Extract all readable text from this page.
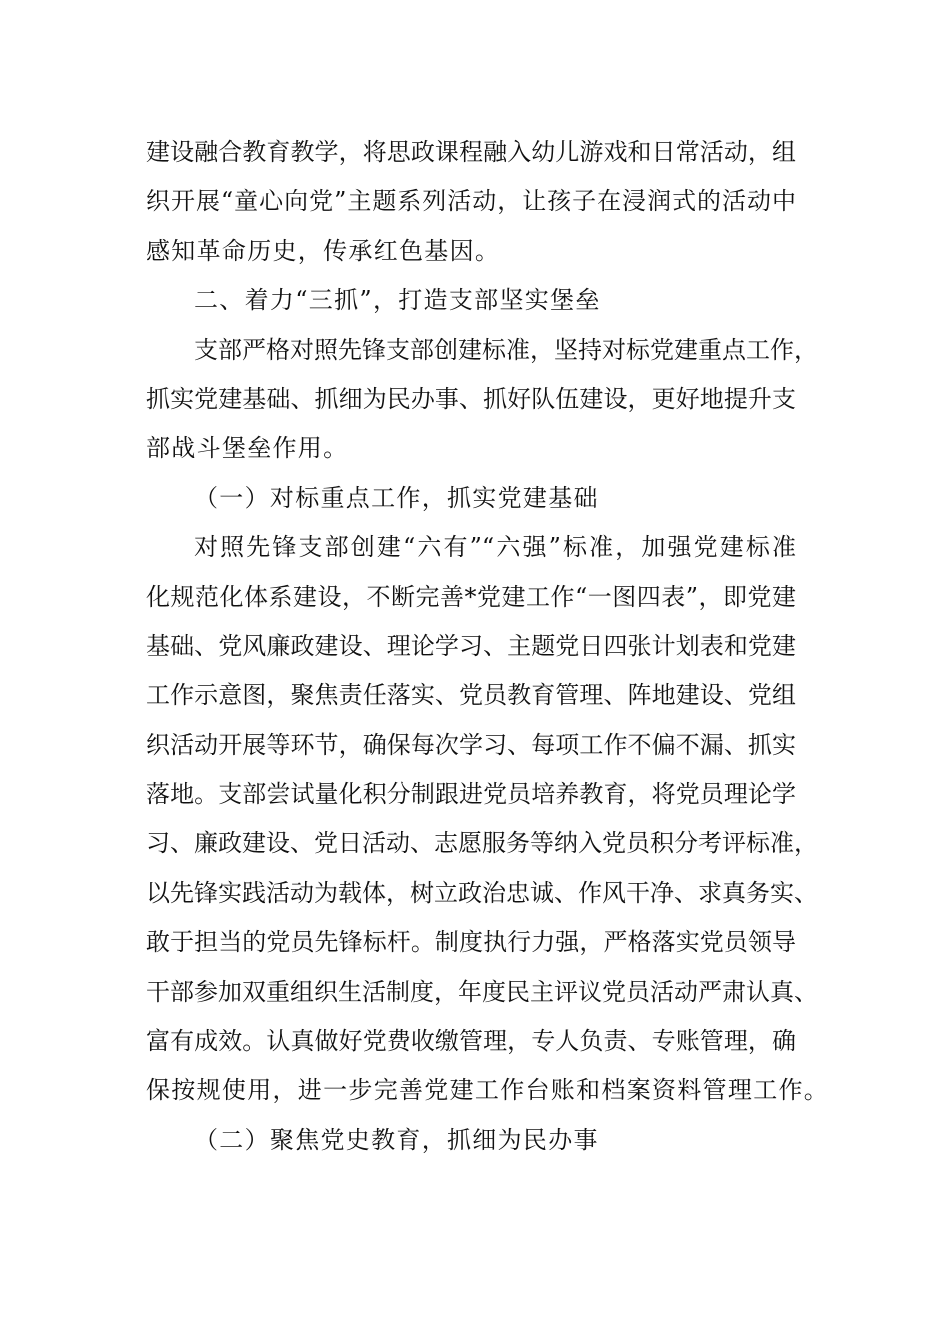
建设融合教育教学，将思政课程融入幼儿游戏和日常活动，组
织开展“童心向党”主题系列活动，让孩子在浸润式的活动中
感知革命历史，传承红色基因。
二、着力“三抓”，打造支部坚实堡垒
支部严格对照先锋支部创建标准，坚持对标党建重点工作，
抓实党建基础、抓细为民办事、抓好队伍建设，更好地提升支
部战斗堡垒作用。
（一）对标重点工作，抓实党建基础
对照先锋支部创建“六有”“六强”标准，加强党建标准
化规范化体系建设，不断完善*党建工作“一图四表”，即党建
基础、党风廉政建设、理论学习、主题党日四张计划表和党建
工作示意图，聚焦责任落实、党员教育管理、阵地建设、党组
织活动开展等环节，确保每次学习、每项工作不偏不漏、抓实
落地。支部尝试量化积分制跟进党员培养教育，将党员理论学
习、廉政建设、党日活动、志愿服务等纳入党员积分考评标准，
以先锋实践活动为载体，树立政治忠诚、作风干净、求真务实、
敢于担当的党员先锋标杆。制度执行力强，严格落实党员领导
干部参加双重组织生活制度，年度民主评议党员活动严肃认真、
富有成效。认真做好党费收缴管理，专人负责、专账管理，确
保按规使用，进一步完善党建工作台账和档案资料管理工作。
（二）聚焦党史教育，抓细为民办事
